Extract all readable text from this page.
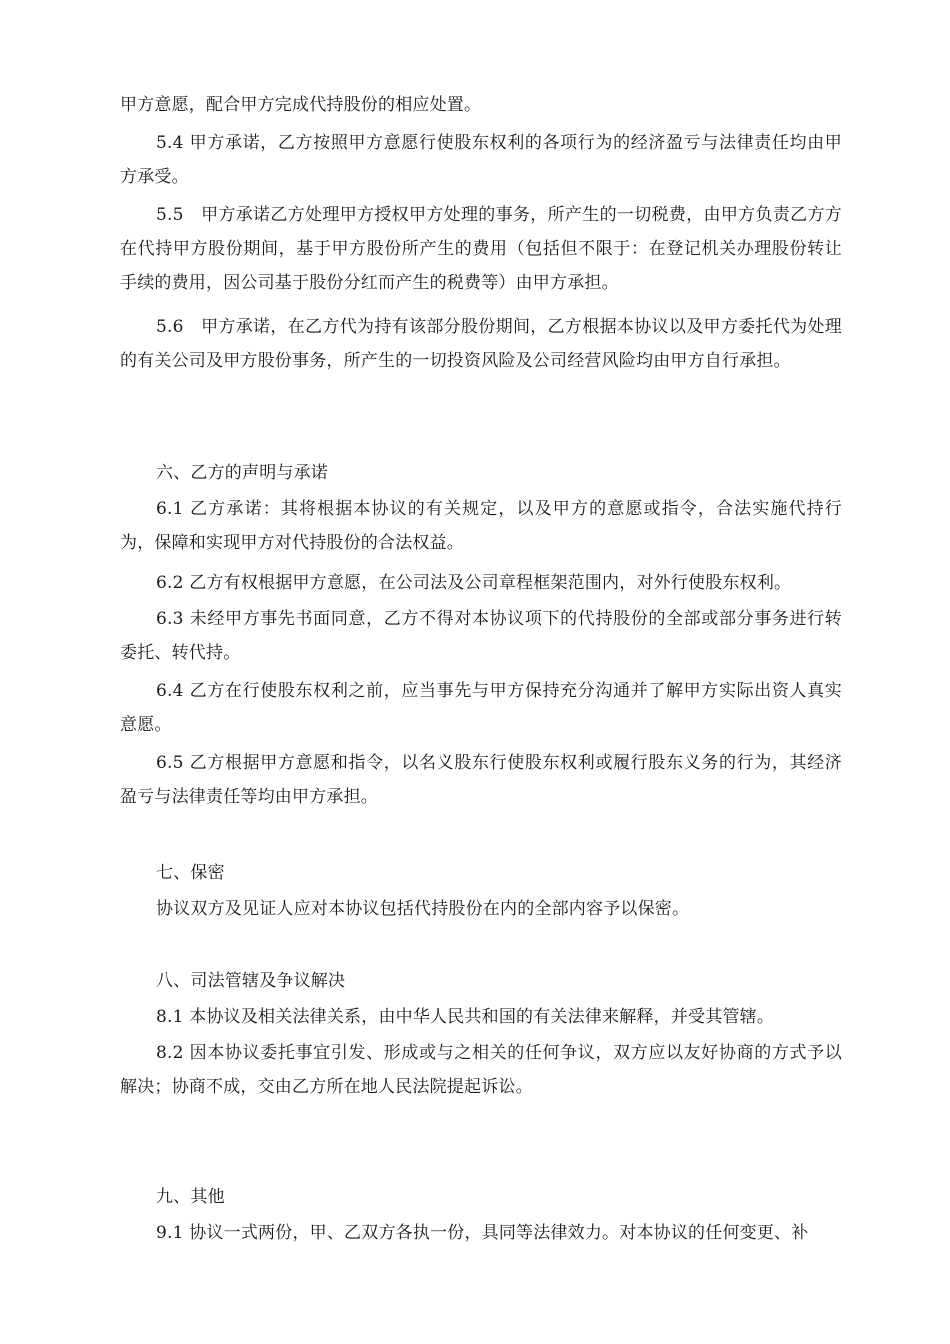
甲方意愿，配合甲方完成代持股份的相应处置。

5.4 甲方承诺，乙方按照甲方意愿行使股东权利的各项行为的经济盈亏与法律责任均由甲方承受。

5.5　甲方承诺乙方处理甲方授权甲方处理的事务，所产生的一切税费，由甲方负责乙方方在代持甲方股份期间，基于甲方股份所产生的费用（包括但不限于：在登记机关办理股份转让手续的费用，因公司基于股份分红而产生的税费等）由甲方承担。

5.6　甲方承诺，在乙方代为持有该部分股份期间，乙方根据本协议以及甲方委托代为处理的有关公司及甲方股份事务，所产生的一切投资风险及公司经营风险均由甲方自行承担。

六、乙方的声明与承诺

6.1 乙方承诺：其将根据本协议的有关规定，以及甲方的意愿或指令，合法实施代持行为，保障和实现甲方对代持股份的合法权益。

6.2 乙方有权根据甲方意愿，在公司法及公司章程框架范围内，对外行使股东权利。

6.3 未经甲方事先书面同意，乙方不得对本协议项下的代持股份的全部或部分事务进行转委托、转代持。

6.4 乙方在行使股东权利之前，应当事先与甲方保持充分沟通并了解甲方实际出资人真实意愿。

6.5 乙方根据甲方意愿和指令，以名义股东行使股东权利或履行股东义务的行为，其经济盈亏与法律责任等均由甲方承担。

七、保密

协议双方及见证人应对本协议包括代持股份在内的全部内容予以保密。

八、司法管辖及争议解决

8.1 本协议及相关法律关系，由中华人民共和国的有关法律来解释，并受其管辖。

8.2 因本协议委托事宜引发、形成或与之相关的任何争议，双方应以友好协商的方式予以解决；协商不成，交由乙方所在地人民法院提起诉讼。

九、其他

9.1 协议一式两份，甲、乙双方各执一份，具同等法律效力。对本协议的任何变更、补
